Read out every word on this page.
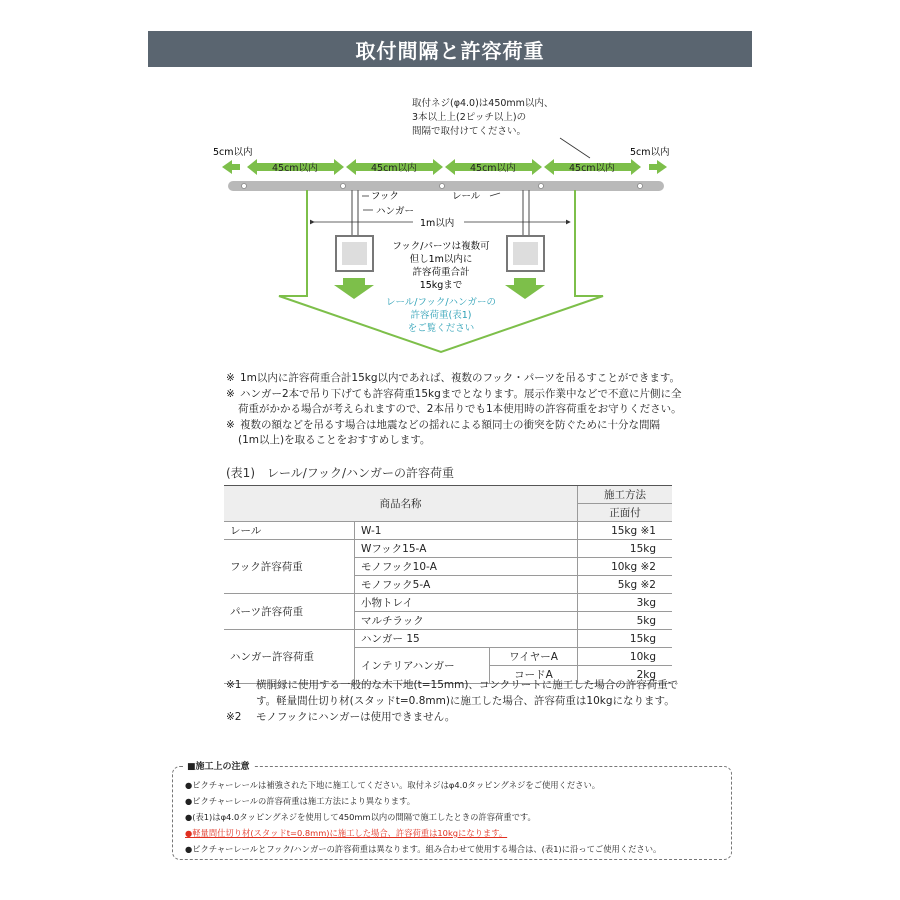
取付間隔と許容荷重
取付ネジ(φ4.0)は450mm以内、
3本以上上(2ピッチ以上)の
間隔で取付けてください。
5cm以内	5cm以内
45cm以内	45cm以内	45cm以内	45cm以内
フック
ハンガー
レール
1m以内
フック/パーツは複数可
但し1m以内に
許容荷重合計
15kgまで
レール/フック/ハンガーの
許容荷重(表1)
をご覧ください
※ 1m以内に許容荷重合計15kg以内であれば、複数のフック・パーツを吊るすことができます。
※ ハンガー2本で吊り下げても許容荷重15kgまでとなります。展示作業中などで不意に片側に全
荷重がかかる場合が考えられますので、2本吊りでも1本使用時の許容荷重をお守りください。
※ 複数の額などを吊るす場合は地震などの揺れによる額同士の衝突を防ぐために十分な間隔
(1m以上)を取ることをおすすめします。
(表1)　レール/フック/ハンガーの許容荷重
商品名称			施工方法
			正面付
レール	W-1		15kg ※1
フック許容荷重	Wフック15-A		15kg
	モノフック10-A		10kg ※2
	モノフック5-A		5kg ※2
パーツ許容荷重	小物トレイ		3kg
	マルチラック		5kg
ハンガー許容荷重	ハンガー 15		15kg
	インテリアハンガー	ワイヤーA	10kg
		コードA	2kg
※1	横胴縁に使用する一般的な木下地(t=15mm)、コンクリートに施工した場合の許容荷重です。軽量間仕切り材(スタッドt=0.8mm)に施工した場合、許容荷重は10kgになります。
※2	モノフックにハンガーは使用できません。
■施工上の注意
●ピクチャーレールは補強された下地に施工してください。取付ネジはφ4.0タッピングネジをご使用ください。
●ピクチャーレールの許容荷重は施工方法により異なります。
●(表1)はφ4.0タッピングネジを使用して450mm以内の間隔で施工したときの許容荷重です。
●軽量間仕切り材(スタッドt=0.8mm)に施工した場合、許容荷重は10kgになります。
●ピクチャーレールとフック/ハンガーの許容荷重は異なります。組み合わせて使用する場合は、(表1)に沿ってご使用ください。
